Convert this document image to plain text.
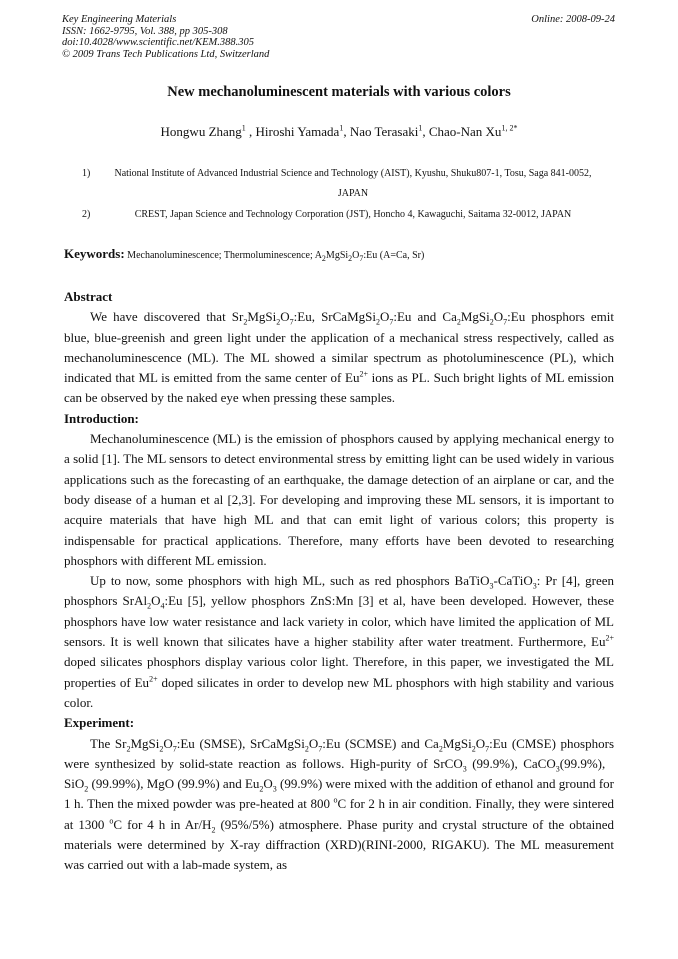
Key Engineering Materials
ISSN: 1662-9795, Vol. 388, pp 305-308
doi:10.4028/www.scientific.net/KEM.388.305
© 2009 Trans Tech Publications Ltd, Switzerland
Online: 2008-09-24
New mechanoluminescent materials with various colors
Hongwu Zhang$^1$ , Hiroshi Yamada$^1$, Nao Terasaki$^1$, Chao-Nan $Xu^{1, 2*}$
1)	National Institute of Advanced Industrial Science and Technology (AIST), Kyushu, Shuku807-1, Tosu, Saga 841-0052, JAPAN
2)	CREST, Japan Science and Technology Corporation (JST), Honcho 4, Kawaguchi, Saitama 32-0012, JAPAN
Keywords: Mechanoluminescence; Thermoluminescence; $A_2MgSi_2O_7:Eu$ (A=Ca, Sr)
Abstract

We have discovered that $Sr_2MgSi_2O_7:Eu$, $SrCaMgSi_2O_7:Eu$ and $Ca_2MgSi_2O_7:Eu$ phosphors emit blue, blue-greenish and green light under the application of a mechanical stress respectively, called as mechanoluminescence (ML). The ML showed a similar spectrum as photoluminescence (PL), which indicated that ML is emitted from the same center of $Eu^{2+}$ ions as PL. Such bright lights of ML emission can be observed by the naked eye when pressing these samples.

Introduction:

Mechanoluminescence (ML) is the emission of phosphors caused by applying mechanical energy to a solid [1]. The ML sensors to detect environmental stress by emitting light can be used widely in various applications such as the forecasting of an earthquake, the damage detection of an airplane or car, and the body disease of a human et al [2,3]. For developing and improving these ML sensors, it is important to acquire materials that have high ML and that can emit light of various colors; this property is indispensable for practical applications. Therefore, many efforts have been devoted to researching phosphors with different ML emission.

Up to now, some phosphors with high ML, such as red phosphors BaTiO$_3$-CaTiO$_3$: Pr [4], green phosphors $SrAl_2O_4:Eu$ [5], yellow phosphors ZnS:Mn [3] et al, have been developed. However, these phosphors have low water resistance and lack variety in color, which have limited the application of ML sensors. It is well known that silicates have a higher stability after water treatment. Furthermore, $Eu^{2+}$ doped silicates phosphors display various color light. Therefore, in this paper, we investigated the ML properties of $Eu^{2+}$ doped silicates in order to develop new ML phosphors with high stability and various color.

Experiment:

The $Sr_2MgSi_2O_7:Eu$ (SMSE), $SrCaMgSi_2O_7:Eu$ (SCMSE) and $Ca_2MgSi_2O_7:Eu$ (CMSE) phosphors were synthesized by solid-state reaction as follows. High-purity of SrCO$_3$ (99.9%), CaCO$_3$(99.9%),   SiO$_2$ (99.99%), MgO (99.9%) and $Eu_2O_3$ (99.9%) were mixed with the addition of ethanol and ground for 1 h. Then the mixed powder was pre-heated at 800 $^o$C for 2 h in air condition. Finally, they were sintered at 1300 $^o$C for 4 h in $Ar/H_2$ (95%/5%) atmosphere. Phase purity and crystal structure of the obtained materials were determined by X-ray diffraction (XRD)(RINI-2000, RIGAKU). The ML measurement was carried out with a lab-made system, as
